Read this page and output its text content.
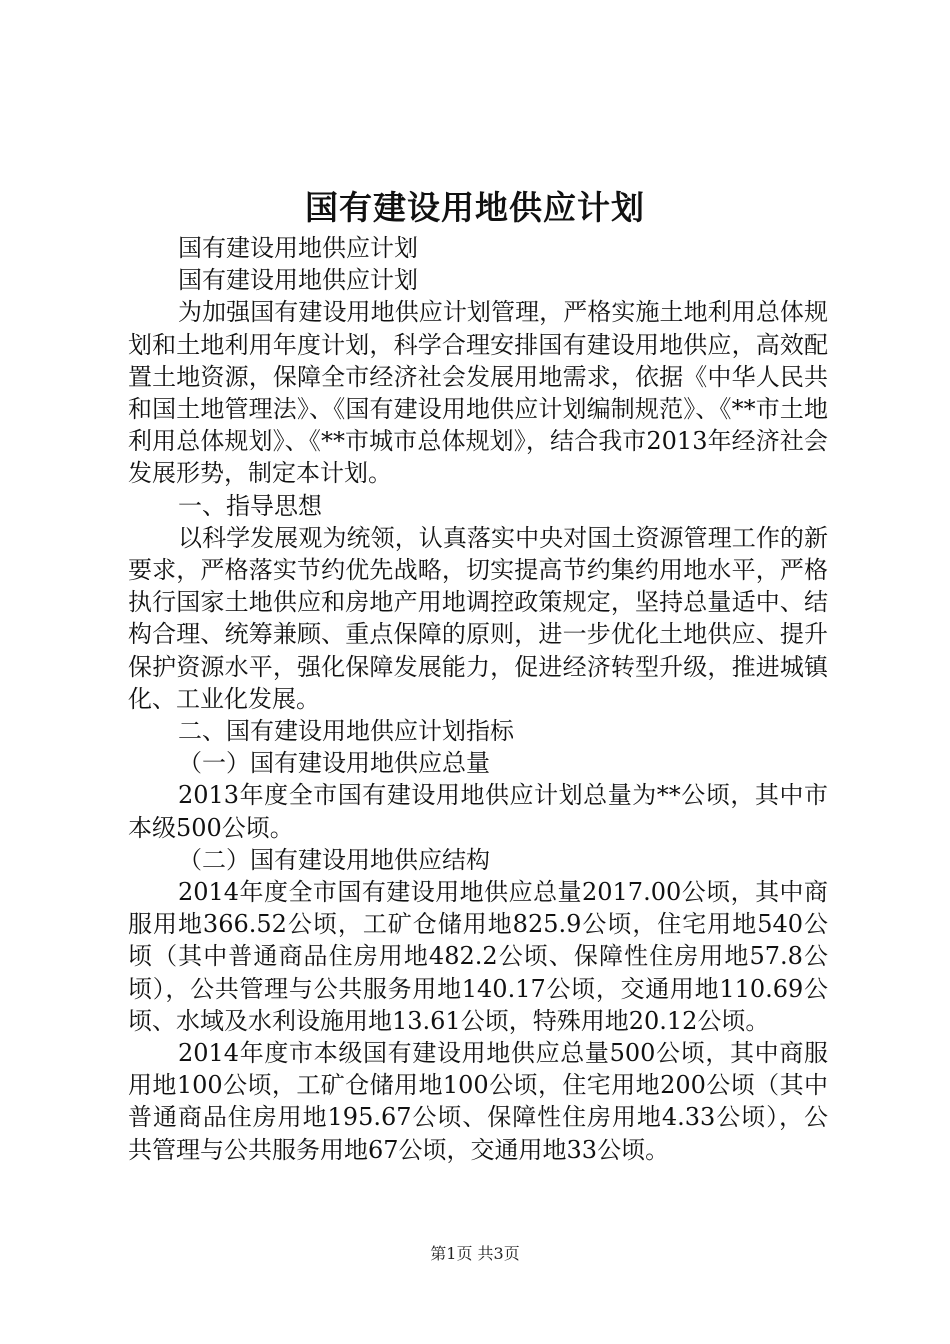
国有建设用地供应计划

国有建设用地供应计划

国有建设用地供应计划

为加强国有建设用地供应计划管理，严格实施土地利用总体规划和土地利用年度计划，科学合理安排国有建设用地供应，高效配置土地资源，保障全市经济社会发展用地需求，依据《中华人民共和国土地管理法》、《国有建设用地供应计划编制规范》、《**市土地利用总体规划》、《**市城市总体规划》，结合我市2013年经济社会发展形势，制定本计划。

一、指导思想

以科学发展观为统领，认真落实中央对国土资源管理工作的新要求，严格落实节约优先战略，切实提高节约集约用地水平，严格执行国家土地供应和房地产用地调控政策规定，坚持总量适中、结构合理、统筹兼顾、重点保障的原则，进一步优化土地供应、提升保护资源水平，强化保障发展能力，促进经济转型升级，推进城镇化、工业化发展。

二、国有建设用地供应计划指标

（一）国有建设用地供应总量

2013年度全市国有建设用地供应计划总量为**公顷，其中市本级500公顷。

（二）国有建设用地供应结构

2014年度全市国有建设用地供应总量2017.00公顷，其中商服用地366.52公顷，工矿仓储用地825.9公顷，住宅用地540公顷（其中普通商品住房用地482.2公顷、保障性住房用地57.8公顷），公共管理与公共服务用地140.17公顷，交通用地110.69公顷、水域及水利设施用地13.61公顷，特殊用地20.12公顷。

2014年度市本级国有建设用地供应总量500公顷，其中商服用地100公顷，工矿仓储用地100公顷，住宅用地200公顷（其中普通商品住房用地195.67公顷、保障性住房用地4.33公顷），公共管理与公共服务用地67公顷，交通用地33公顷。

第1页 共3页
